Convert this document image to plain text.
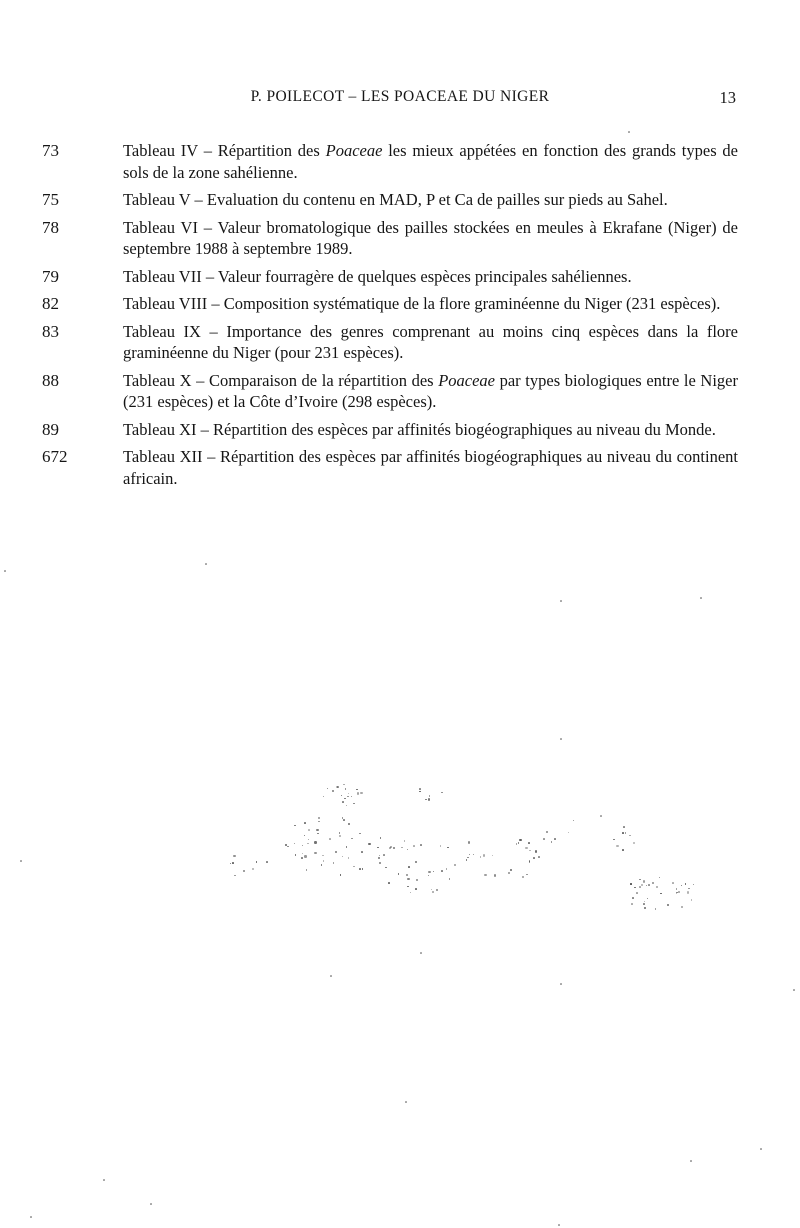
P. POILECOT – LES POACEAE DU NIGER	13
73	Tableau IV – Répartition des Poaceae les mieux appétées en fonction des grands types de sols de la zone sahélienne.
75	Tableau V – Evaluation du contenu en MAD, P et Ca de pailles sur pieds au Sahel.
78	Tableau VI – Valeur bromatologique des pailles stockées en meules à Ekrafane (Niger) de septembre 1988 à septembre 1989.
79	Tableau VII – Valeur fourragère de quelques espèces principales sahéliennes.
82	Tableau VIII – Composition systématique de la flore graminéenne du Niger (231 espèces).
83	Tableau IX – Importance des genres comprenant au moins cinq espèces dans la flore graminéenne du Niger (pour 231 espèces).
88	Tableau X – Comparaison de la répartition des Poaceae par types biologiques entre le Niger (231 espèces) et la Côte d’Ivoire (298 espèces).
89	Tableau XI – Répartition des espèces par affinités biogéographiques au niveau du Monde.
672	Tableau XII – Répartition des espèces par affinités biogéographiques au niveau du continent africain.
